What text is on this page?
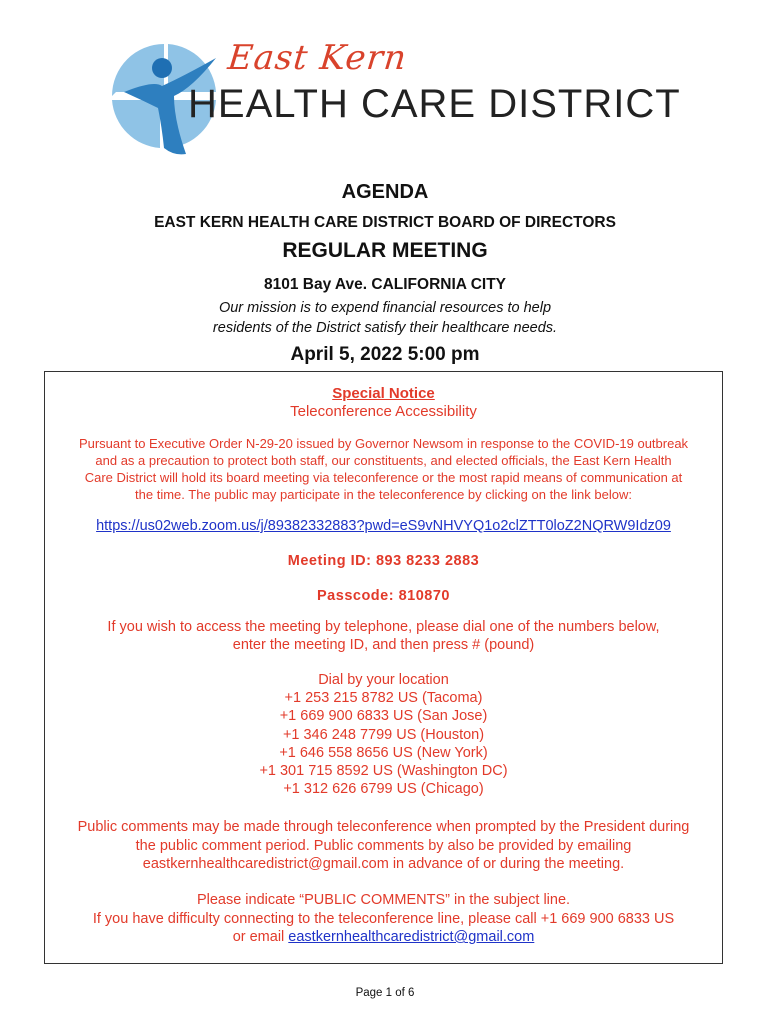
East Kern
HEALTH CARE DISTRICT
AGENDA
EAST KERN HEALTH CARE DISTRICT BOARD OF DIRECTORS
REGULAR MEETING
8101 Bay Ave. CALIFORNIA CITY
Our mission is to expend financial resources to help
residents of the District satisfy their healthcare needs.
April 5, 2022 5:00 pm
Special Notice
Teleconference Accessibility
Pursuant to Executive Order N-29-20 issued by Governor Newsom in response to the COVID-19 outbreak
and as a precaution to protect both staff, our constituents, and elected officials, the East Kern Health
Care District will hold its board meeting via teleconference or the most rapid means of communication at
the time. The public may participate in the teleconference by clicking on the link below:
https://us02web.zoom.us/j/89382332883?pwd=eS9vNHVYQ1o2clZTT0loZ2NQRW9Idz09
Meeting ID: 893 8233 2883
Passcode: 810870
If you wish to access the meeting by telephone, please dial one of the numbers below,
enter the meeting ID, and then press # (pound)
Dial by your location
+1 253 215 8782 US (Tacoma)
+1 669 900 6833 US (San Jose)
+1 346 248 7799 US (Houston)
+1 646 558 8656 US (New York)
+1 301 715 8592 US (Washington DC)
+1 312 626 6799 US (Chicago)
Public comments may be made through teleconference when prompted by the President during
the public comment period. Public comments by also be provided by emailing
eastkernhealthcaredistrict@gmail.com in advance of or during the meeting.
Please indicate “PUBLIC COMMENTS” in the subject line.
If you have difficulty connecting to the teleconference line, please call +1 669 900 6833 US
or email eastkernhealthcaredistrict@gmail.com
Page 1 of 6
